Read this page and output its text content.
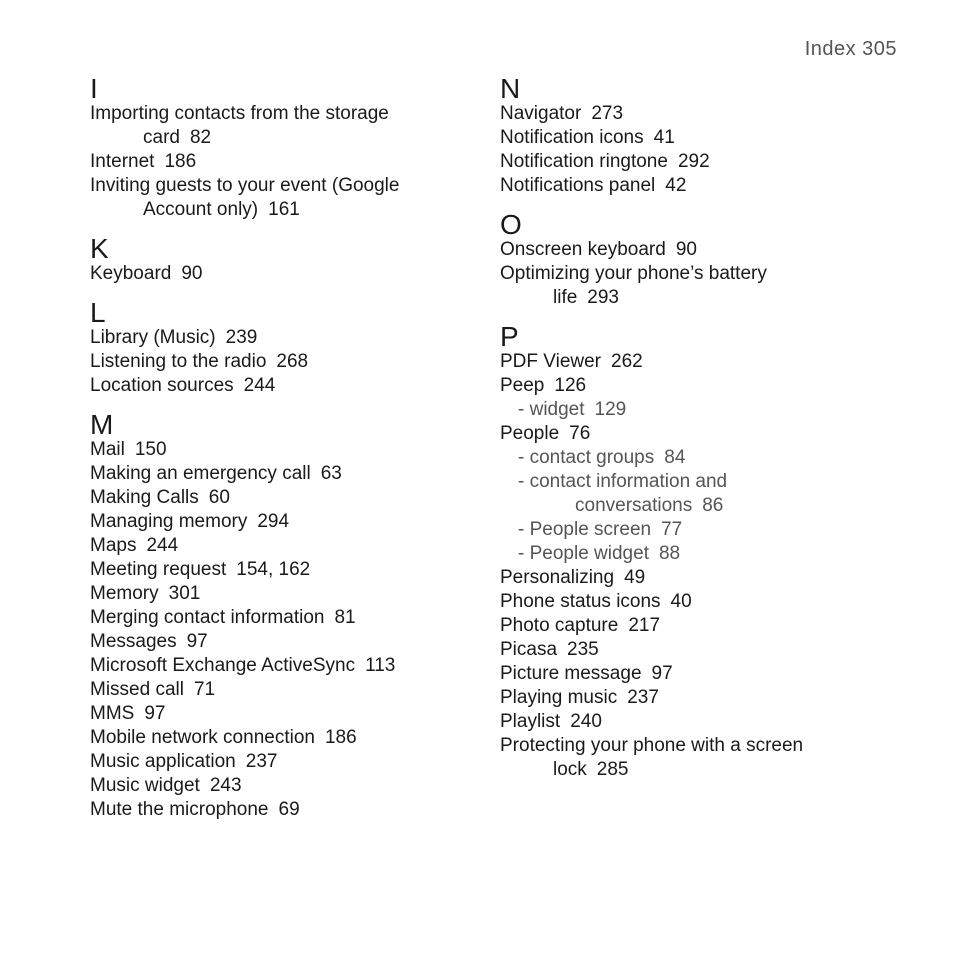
Index 305
I
Importing contacts from the storage
card 82
Internet 186
Inviting guests to your event (Google
Account only) 161
K
Keyboard 90
L
Library (Music) 239
Listening to the radio 268
Location sources 244
M
Mail 150
Making an emergency call 63
Making Calls 60
Managing memory 294
Maps 244
Meeting request 154, 162
Memory 301
Merging contact information 81
Messages 97
Microsoft Exchange ActiveSync 113
Missed call 71
MMS 97
Mobile network connection 186
Music application 237
Music widget 243
Mute the microphone 69
N
Navigator 273
Notification icons 41
Notification ringtone 292
Notifications panel 42
O
Onscreen keyboard 90
Optimizing your phone’s battery
life 293
P
PDF Viewer 262
Peep 126
- widget 129
People 76
- contact groups 84
- contact information and
conversations 86
- People screen 77
- People widget 88
Personalizing 49
Phone status icons 40
Photo capture 217
Picasa 235
Picture message 97
Playing music 237
Playlist 240
Protecting your phone with a screen
lock 285
